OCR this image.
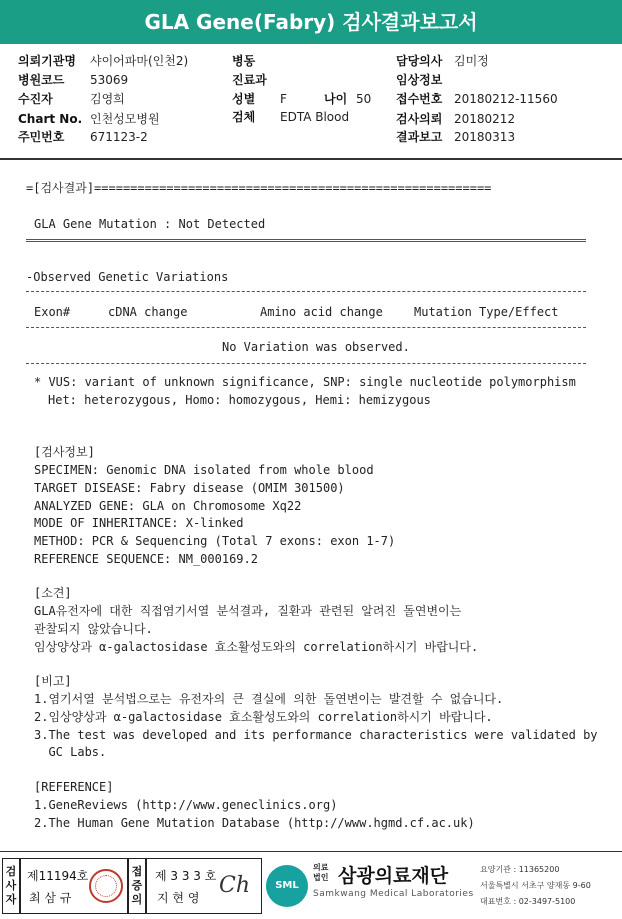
GLA Gene(Fabry) 검사결과보고서
의뢰기관명 샤이어파마(인천2)
병원코드 53069
수진자	김영희
Chart No. 인천성모병원
주민번호 671123-2
병동
진료과
성별 F	나이 50
검체 EDTA Blood
담당의사 김미정
임상정보
접수번호 20180212-11560
검사의뢰 20180212
결과보고 20180313
=[검사결과]=======================================================
GLA Gene Mutation : Not Detected
-Observed Genetic Variations
Exon#	cDNA change	Amino acid change	Mutation Type/Effect
No Variation was observed.
* VUS: variant of unknown significance, SNP: single nucleotide polymorphism
Het: heterozygous, Homo: homozygous, Hemi: hemizygous
[검사정보]
SPECIMEN: Genomic DNA isolated from whole blood
TARGET DISEASE: Fabry disease (OMIM 301500)
ANALYZED GENE: GLA on Chromosome Xq22
MODE OF INHERITANCE: X-linked
METHOD: PCR & Sequencing (Total 7 exons: exon 1-7)
REFERENCE SEQUENCE: NM_000169.2
[소견]
GLA유전자에 대한 직접염기서열 분석결과, 질환과 관련된 알려진 돌연변이는
관찰되지 않았습니다.
임상양상과 α-galactosidase 효소활성도와의 correlation하시기 바랍니다.
[비고]
1.염기서열 분석법으로는 유전자의 큰 결실에 의한 돌연변이는 발견할 수 없습니다.
2.임상양상과 α-galactosidase 효소활성도와의 correlation하시기 바랍니다.
3.The test was developed and its performance characteristics were validated by
GC Labs.
[REFERENCE]
1.GeneReviews (http://www.geneclinics.org)
2.The Human Gene Mutation Database (http://www.hgmd.cf.ac.uk)
검사자
제11194호
최 삼 규
접증의
제 3 3 3 호
지 현 영 Ch	SML
의료법인 삼광의료재단
Samkwang Medical Laboratories
요양기관 : 11365200
서울특별시 서초구 양재동 9-60
대표번호 : 02-3497-5100
